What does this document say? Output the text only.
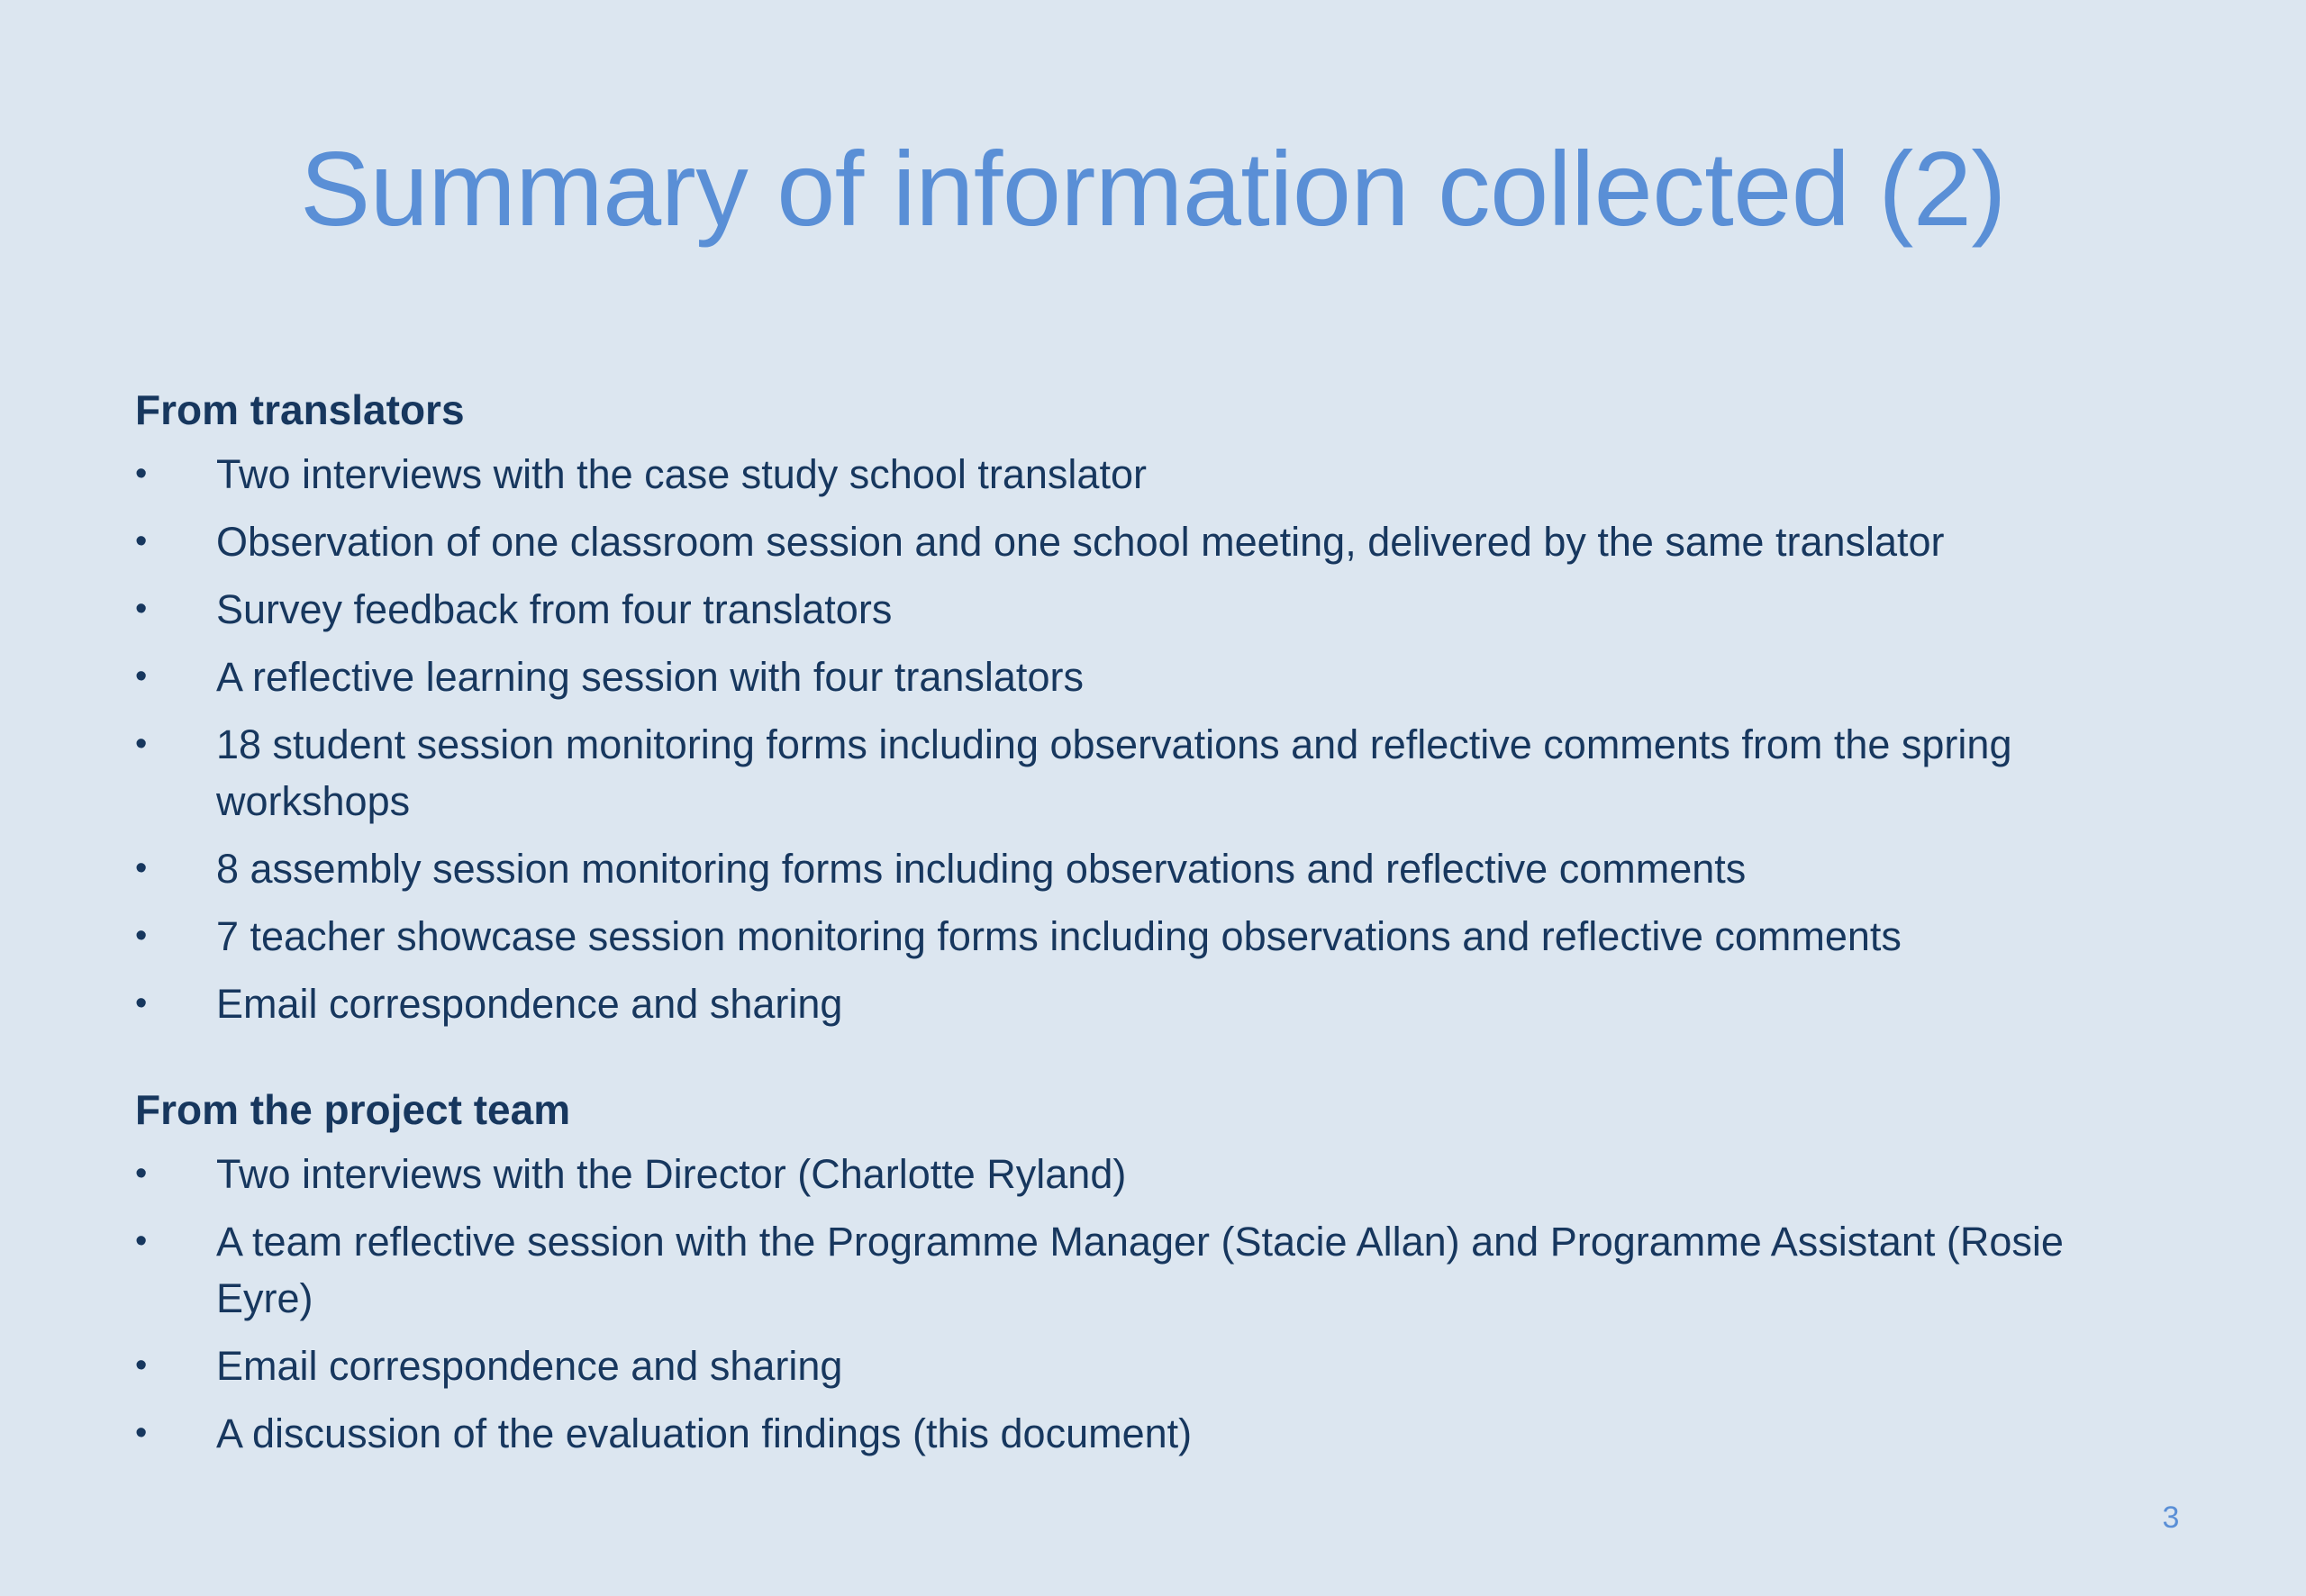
Summary of information collected (2)
From translators
•	Two interviews with the case study school translator
•	Observation of one classroom session and one school meeting, delivered by the same translator
•	Survey feedback from four translators
•	A reflective learning session with four translators
•	18 student session monitoring forms including observations and reflective comments from the spring workshops
•	8 assembly session monitoring forms including observations and reflective comments
•	7 teacher showcase session monitoring forms including observations and reflective comments
•	Email correspondence and sharing
From the project team
•	Two interviews with the Director (Charlotte Ryland)
•	A team reflective session with the Programme Manager (Stacie Allan) and Programme Assistant (Rosie Eyre)
•	Email correspondence and sharing
•	A discussion of the evaluation findings (this document)
3
